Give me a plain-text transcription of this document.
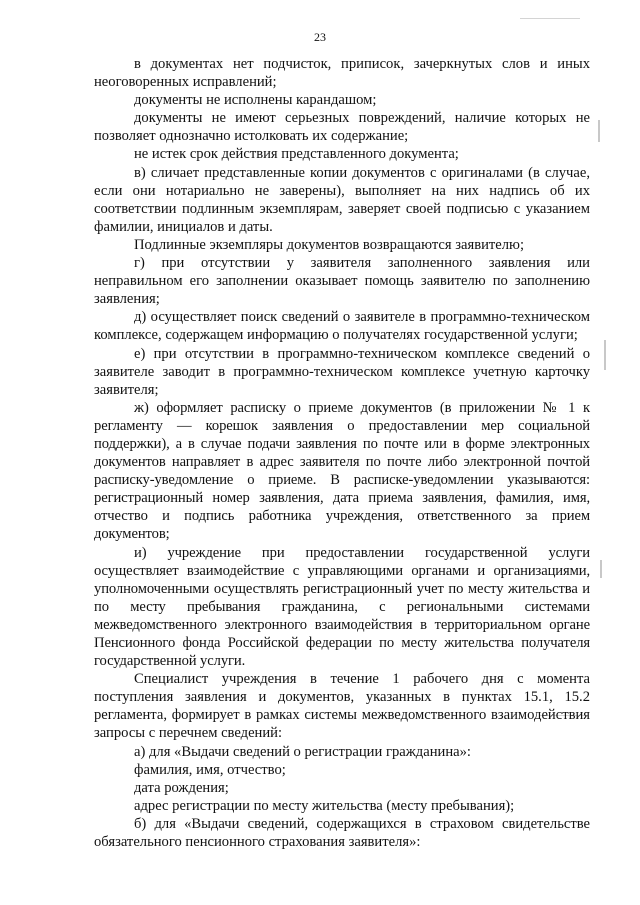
23

в документах нет подчисток, приписок, зачеркнутых слов и иных неоговоренных исправлений;

документы не исполнены карандашом;

документы не имеют серьезных повреждений, наличие которых не позволяет однозначно истолковать их содержание;

не истек срок действия представленного документа;

в) сличает представленные копии документов с оригиналами (в случае, если они нотариально не заверены), выполняет на них надпись об их соответствии подлинным экземплярам, заверяет своей подписью с указанием фамилии, инициалов и даты.

Подлинные экземпляры документов возвращаются заявителю;

г) при отсутствии у заявителя заполненного заявления или неправильном его заполнении оказывает помощь заявителю по заполнению заявления;

д) осуществляет поиск сведений о заявителе в программно-техническом комплексе, содержащем информацию о получателях государственной услуги;

е) при отсутствии в программно-техническом комплексе сведений о заявителе заводит в программно-техническом комплексе учетную карточку заявителя;

ж) оформляет расписку о приеме документов (в приложении № 1 к регламенту — корешок заявления о предоставлении мер социальной поддержки), а в случае подачи заявления по почте или в форме электронных документов направляет в адрес заявителя по почте либо электронной почтой расписку-уведомление о приеме. В расписке-уведомлении указываются: регистрационный номер заявления, дата приема заявления, фамилия, имя, отчество и подпись работника учреждения, ответственного за прием документов;

и) учреждение при предоставлении государственной услуги осуществляет взаимодействие с управляющими органами и организациями, уполномоченными осуществлять регистрационный учет по месту жительства и по месту пребывания гражданина, с региональными системами межведомственного электронного взаимодействия в территориальном органе Пенсионного фонда Российской федерации по месту жительства получателя государственной услуги.

Специалист учреждения в течение 1 рабочего дня с момента поступления заявления и документов, указанных в пунктах 15.1, 15.2 регламента, формирует в рамках системы межведомственного взаимодействия запросы с перечнем сведений:

а) для «Выдачи сведений о регистрации гражданина»:

фамилия, имя, отчество;

дата рождения;

адрес регистрации по месту жительства (месту пребывания);

б) для «Выдачи сведений, содержащихся в страховом свидетельстве обязательного пенсионного страхования заявителя»:
